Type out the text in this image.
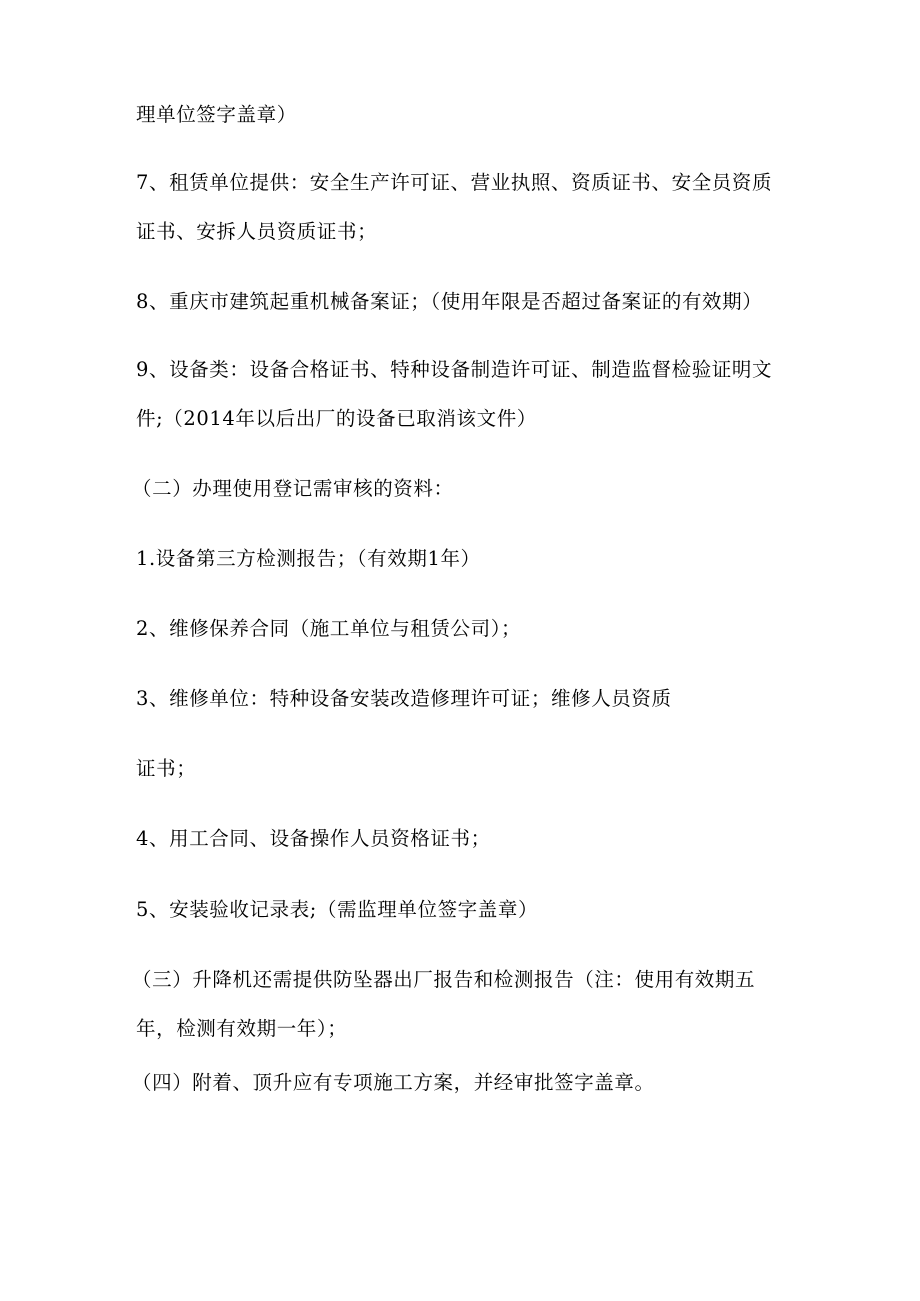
理单位签字盖章）
7、租赁单位提供：安全生产许可证、营业执照、资质证书、安全员资质
证书、安拆人员资质证书；
8、重庆市建筑起重机械备案证；（使用年限是否超过备案证的有效期）
9、设备类：设备合格证书、特种设备制造许可证、制造监督检验证明文
件;（2014年以后出厂的设备已取消该文件）
（二）办理使用登记需审核的资料：
1.设备第三方检测报告；（有效期1年）
2、维修保养合同（施工单位与租赁公司）；
3、维修单位：特种设备安装改造修理许可证；维修人员资质
证书；
4、用工合同、设备操作人员资格证书；
5、安装验收记录表;（需监理单位签字盖章）
（三）升降机还需提供防坠器出厂报告和检测报告（注：使用有效期五
年，检测有效期一年）；
（四）附着、顶升应有专项施工方案，并经审批签字盖章。
